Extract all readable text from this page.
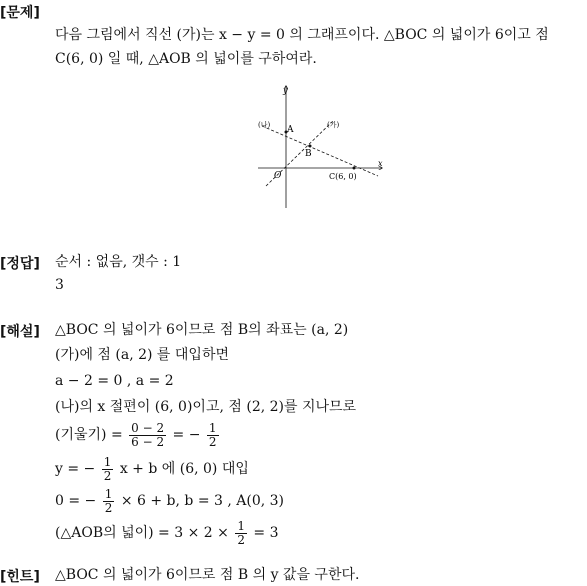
[문제]
다음 그림에서 직선 (가)는 x − y = 0 의 그래프이다. △BOC 의 넓이가 6이고 점
C(6, 0) 일 때, △AOB 의 넓이를 구하여라.
y
x
(나)	(가)
A
B
O	C(6, 0)
[정답] 순서 : 없음, 갯수 : 1
3
[해설] △BOC 의 넓이가 6이므로 점 B의 좌표는 (a, 2)
(가)에 점 (a, 2) 를 대입하면
a − 2 = 0 , a = 2
(나)의 x 절편이 (6, 0)이고, 점 (2, 2)를 지나므로
(기울기) = $\frac{0 - 2}{6 - 2}$ = − $\frac{1}{2}$
y = − $\frac{1}{2}$ x + b 에 (6, 0) 대입
0 = − $\frac{1}{2} \times 6 + b$, b = 3 , A(0, 3)
(△AOB의 넓이) = $3 \times 2 \times \frac{1}{2} = 3$
[힌트] △BOC 의 넓이가 6이므로 점 B 의 y 값을 구한다.
